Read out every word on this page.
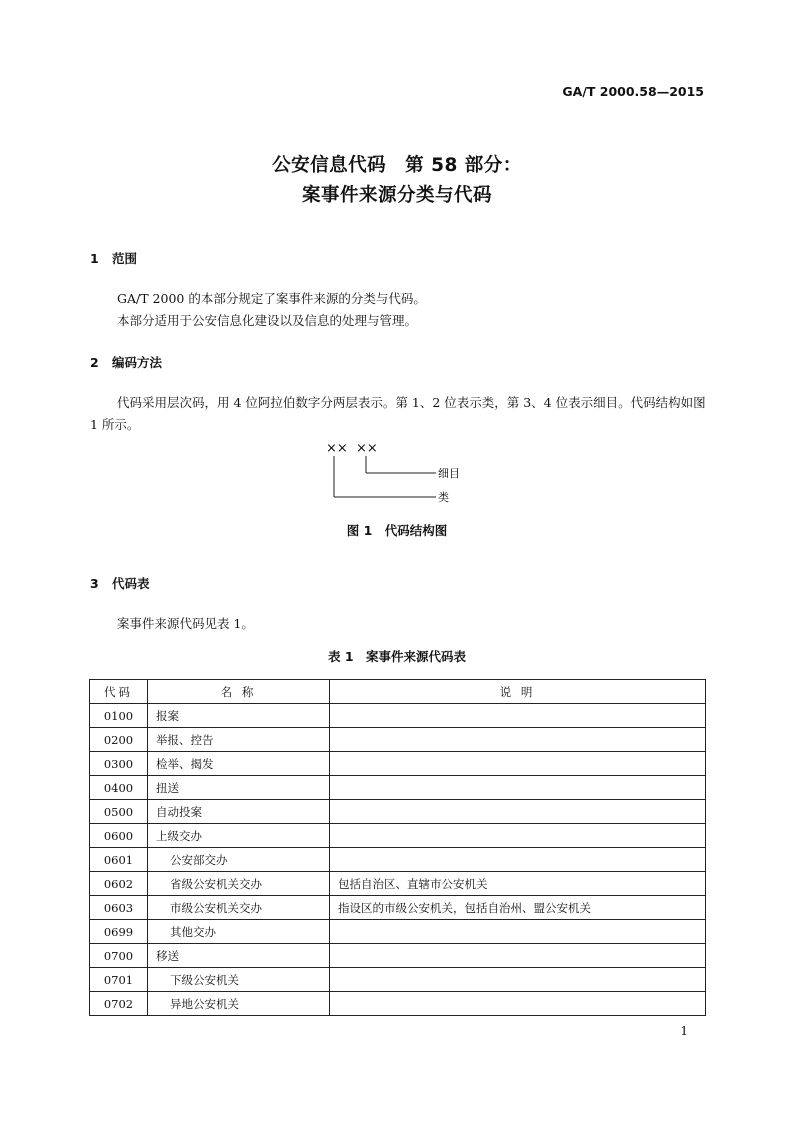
GA/T 2000.58—2015
公安信息代码　第 58 部分：
案事件来源分类与代码
1 范围
GA/T 2000 的本部分规定了案事件来源的分类与代码。
本部分适用于公安信息化建设以及信息的处理与管理。
2 编码方法
代码采用层次码，用 4 位阿拉伯数字分两层表示。第 1、2 位表示类，第 3、4 位表示细目。代码结构如图 1 所示。
×× ××
细目
类
图 1　代码结构图
3 代码表
案事件来源代码见表 1。
表 1　案事件来源代码表
代码	名 称	说 明
0100	报案	
0200	举报、控告	
0300	检举、揭发	
0400	扭送	
0500	自动投案	
0600	上级交办	
0601	公安部交办	
0602	省级公安机关交办	包括自治区、直辖市公安机关
0603	市级公安机关交办	指设区的市级公安机关，包括自治州、盟公安机关
0699	其他交办	
0700	移送	
0701	下级公安机关	
0702	异地公安机关	
1
